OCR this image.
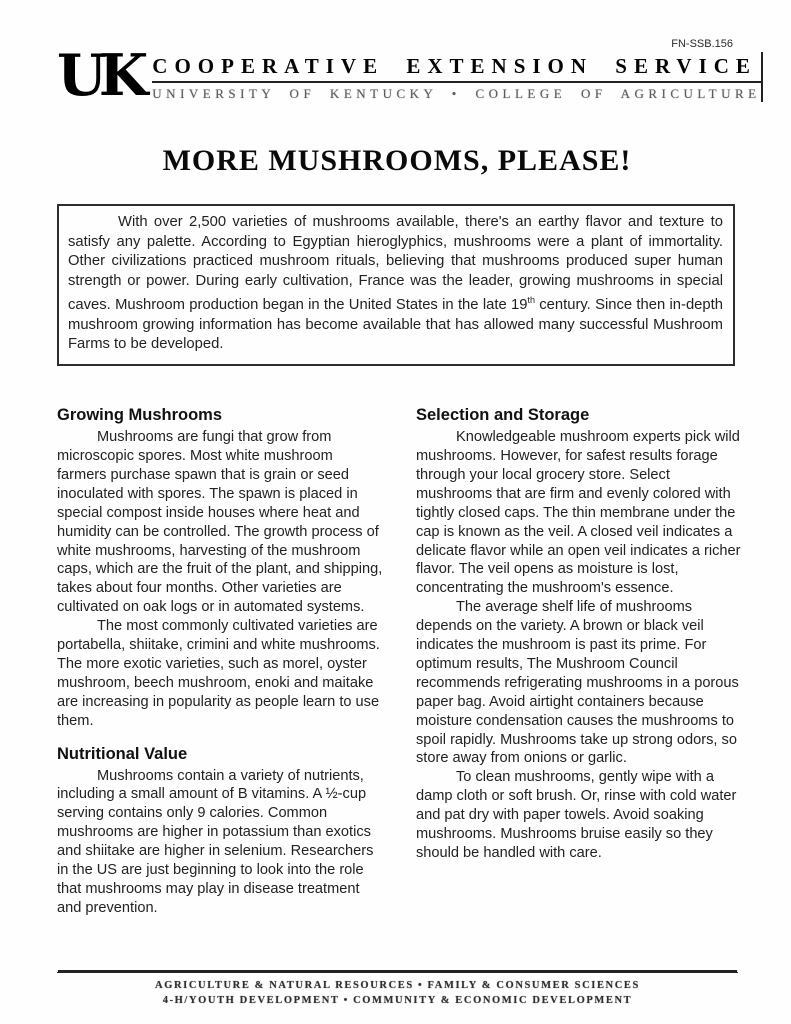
FN-SSB.156
UK COOPERATIVE EXTENSION SERVICE
UNIVERSITY OF KENTUCKY • COLLEGE OF AGRICULTURE
MORE MUSHROOMS, PLEASE!

With over 2,500 varieties of mushrooms available, there's an earthy flavor and texture to satisfy any palette. According to Egyptian hieroglyphics, mushrooms were a plant of immortality. Other civilizations practiced mushroom rituals, believing that mushrooms produced super human strength or power. During early cultivation, France was the leader, growing mushrooms in special caves. Mushroom production began in the United States in the late 19th century. Since then in-depth mushroom growing information has become available that has allowed many successful Mushroom Farms to be developed.

Growing Mushrooms

Mushrooms are fungi that grow from microscopic spores. Most white mushroom farmers purchase spawn that is grain or seed inoculated with spores. The spawn is placed in special compost inside houses where heat and humidity can be controlled. The growth process of white mushrooms, harvesting of the mushroom caps, which are the fruit of the plant, and shipping, takes about four months. Other varieties are cultivated on oak logs or in automated systems.

The most commonly cultivated varieties are portabella, shiitake, crimini and white mushrooms. The more exotic varieties, such as morel, oyster mushroom, beech mushroom, enoki and maitake are increasing in popularity as people learn to use them.

Nutritional Value

Mushrooms contain a variety of nutrients, including a small amount of B vitamins. A ½-cup serving contains only 9 calories. Common mushrooms are higher in potassium than exotics and shiitake are higher in selenium. Researchers in the US are just beginning to look into the role that mushrooms may play in disease treatment and prevention.

Selection and Storage

Knowledgeable mushroom experts pick wild mushrooms. However, for safest results forage through your local grocery store. Select mushrooms that are firm and evenly colored with tightly closed caps. The thin membrane under the cap is known as the veil. A closed veil indicates a delicate flavor while an open veil indicates a richer flavor. The veil opens as moisture is lost, concentrating the mushroom's essence.

The average shelf life of mushrooms depends on the variety. A brown or black veil indicates the mushroom is past its prime. For optimum results, The Mushroom Council recommends refrigerating mushrooms in a porous paper bag. Avoid airtight containers because moisture condensation causes the mushrooms to spoil rapidly. Mushrooms take up strong odors, so store away from onions or garlic.

To clean mushrooms, gently wipe with a damp cloth or soft brush. Or, rinse with cold water and pat dry with paper towels. Avoid soaking mushrooms. Mushrooms bruise easily so they should be handled with care.

AGRICULTURE & NATURAL RESOURCES • FAMILY & CONSUMER SCIENCES
4-H/YOUTH DEVELOPMENT • COMMUNITY & ECONOMIC DEVELOPMENT
